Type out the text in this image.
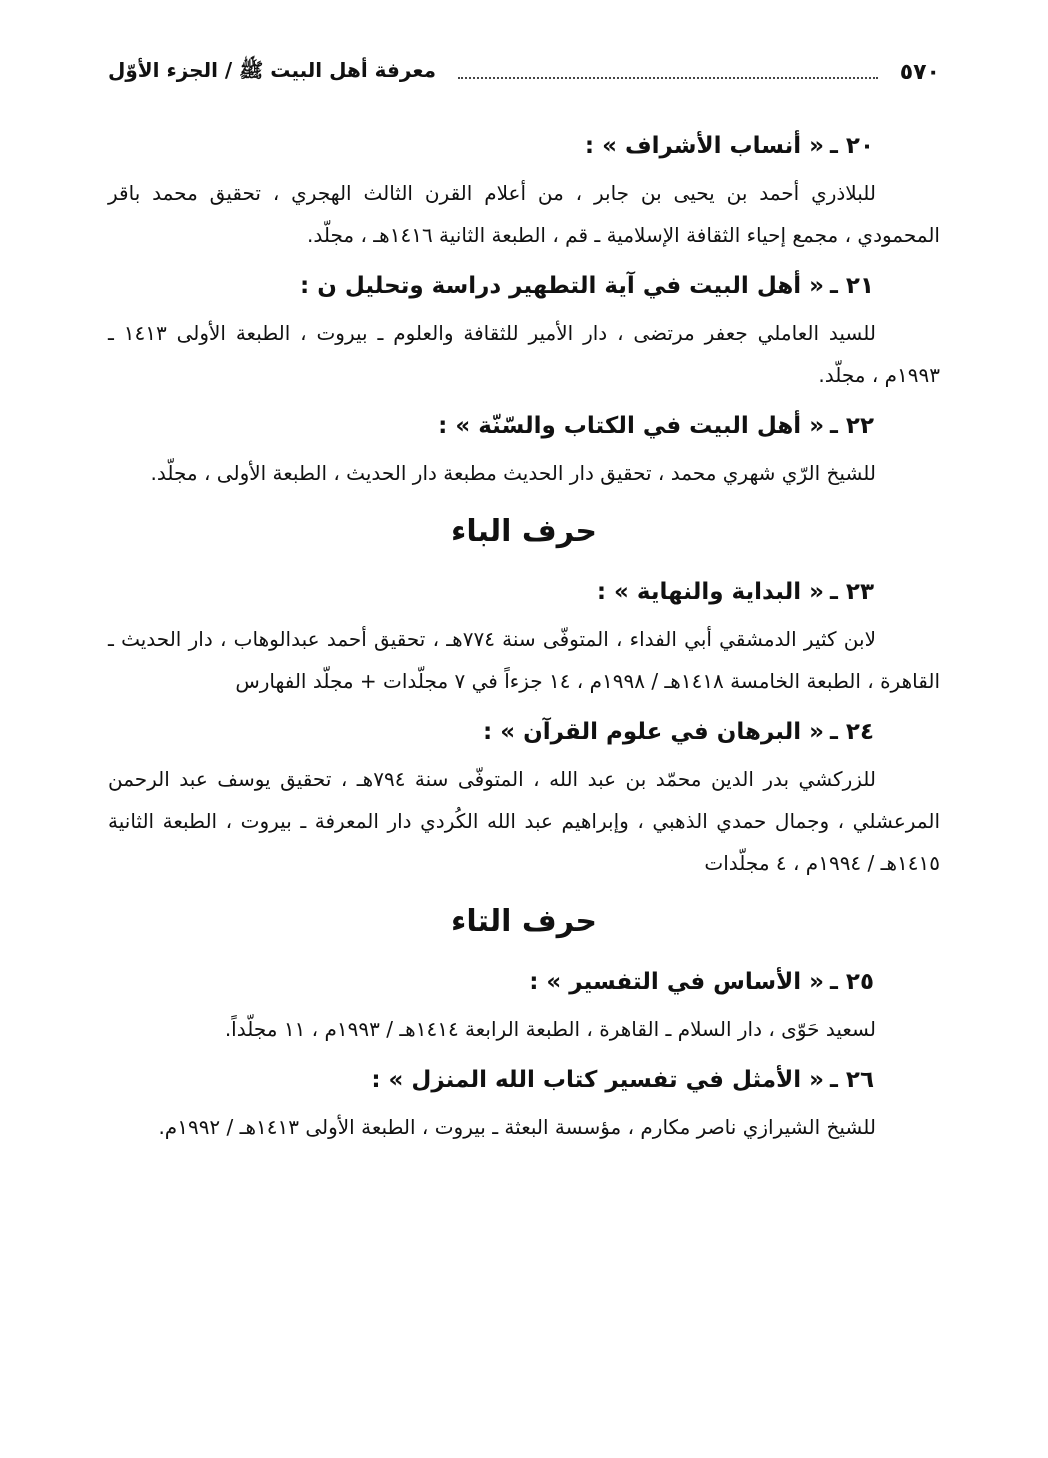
٥٧٠
معرفة أهل البيت ﷺ / الجزء الأوّل

٢٠ ـ« أنساب الأشراف » :

للبلاذري أحمد بن يحيى بن جابر ، من أعلام القرن الثالث الهجري ، تحقيق محمد باقر المحمودي ، مجمع إحياء الثقافة الإسلامية ـ قم ، الطبعة الثانية ١٤١٦هـ ، مجلّد.

٢١ ـ« أهل البيت في آية التطهير دراسة وتحليل ن :

للسيد العاملي جعفر مرتضى ، دار الأمير للثقافة والعلوم ـ بيروت ، الطبعة الأولى ١٤١٣ ـ ١٩٩٣م ، مجلّد.

٢٢ ـ« أهل البيت في الكتاب والسّنّة » :

للشيخ الرّي شهري محمد ، تحقيق دار الحديث مطبعة دار الحديث ، الطبعة الأولى ، مجلّد.

حرف الباء

٢٣ ـ« البداية والنهاية » :

لابن كثير الدمشقي أبي الفداء ، المتوفّى سنة ٧٧٤هـ ، تحقيق أحمد عبدالوهاب ، دار الحديث ـ القاهرة ، الطبعة الخامسة ١٤١٨هـ / ١٩٩٨م ، ١٤ جزءاً في ٧ مجلّدات + مجلّد الفهارس

٢٤ ـ« البرهان في علوم القرآن » :

للزركشي بدر الدين محمّد بن عبد الله ، المتوفّى سنة ٧٩٤هـ ، تحقيق يوسف عبد الرحمن المرعشلي ، وجمال حمدي الذهبي ، وإبراهيم عبد الله الكُردي دار المعرفة ـ بيروت ، الطبعة الثانية ١٤١٥هـ / ١٩٩٤م ، ٤ مجلّدات

حرف التاء

٢٥ ـ« الأساس في التفسير » :

لسعيد حَوّى ، دار السلام ـ القاهرة ، الطبعة الرابعة ١٤١٤هـ / ١٩٩٣م ، ١١ مجلّداً.

٢٦ ـ« الأمثل في تفسير كتاب الله المنزل » :

للشيخ الشيرازي ناصر مكارم ، مؤسسة البعثة ـ بيروت ، الطبعة الأولى ١٤١٣هـ / ١٩٩٢م.
